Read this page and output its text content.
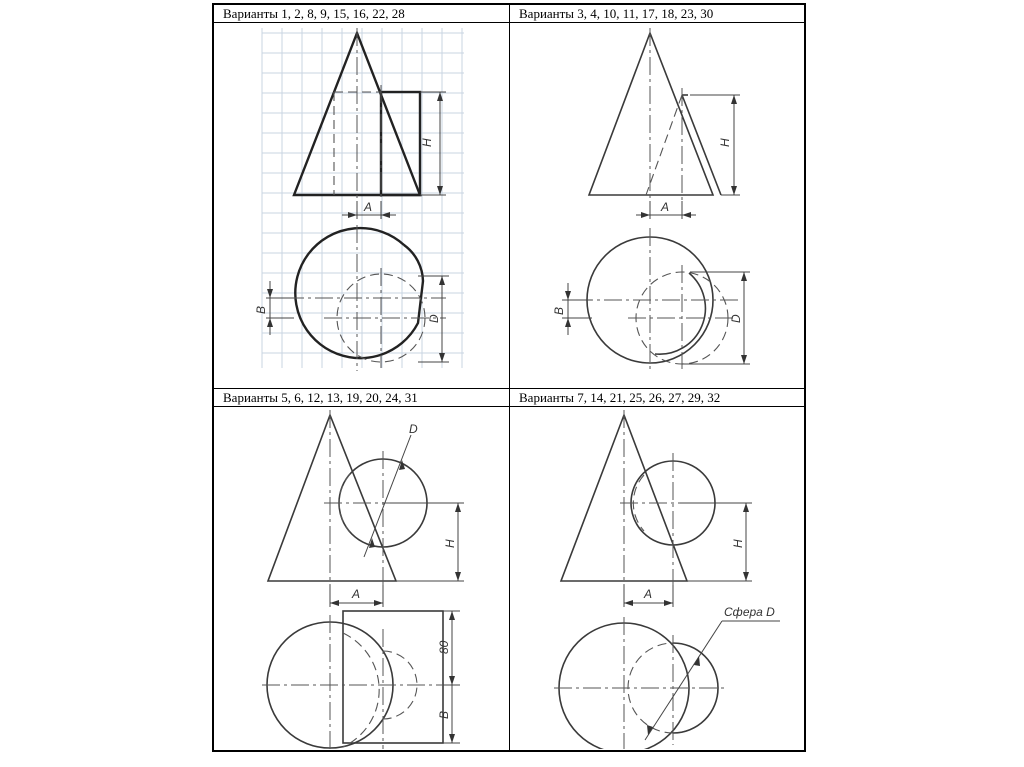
Варианты 1, 2, 8, 9, 15, 16, 22, 28
H
A
B
D
Варианты 3, 4, 10, 11, 17, 18, 23, 30
H
A
B
D
Варианты 5, 6, 12, 13, 19, 20, 24, 31
D
H
A
80
B
Варианты 7, 14, 21, 25, 26, 27, 29, 32
H
A
Сфера D
